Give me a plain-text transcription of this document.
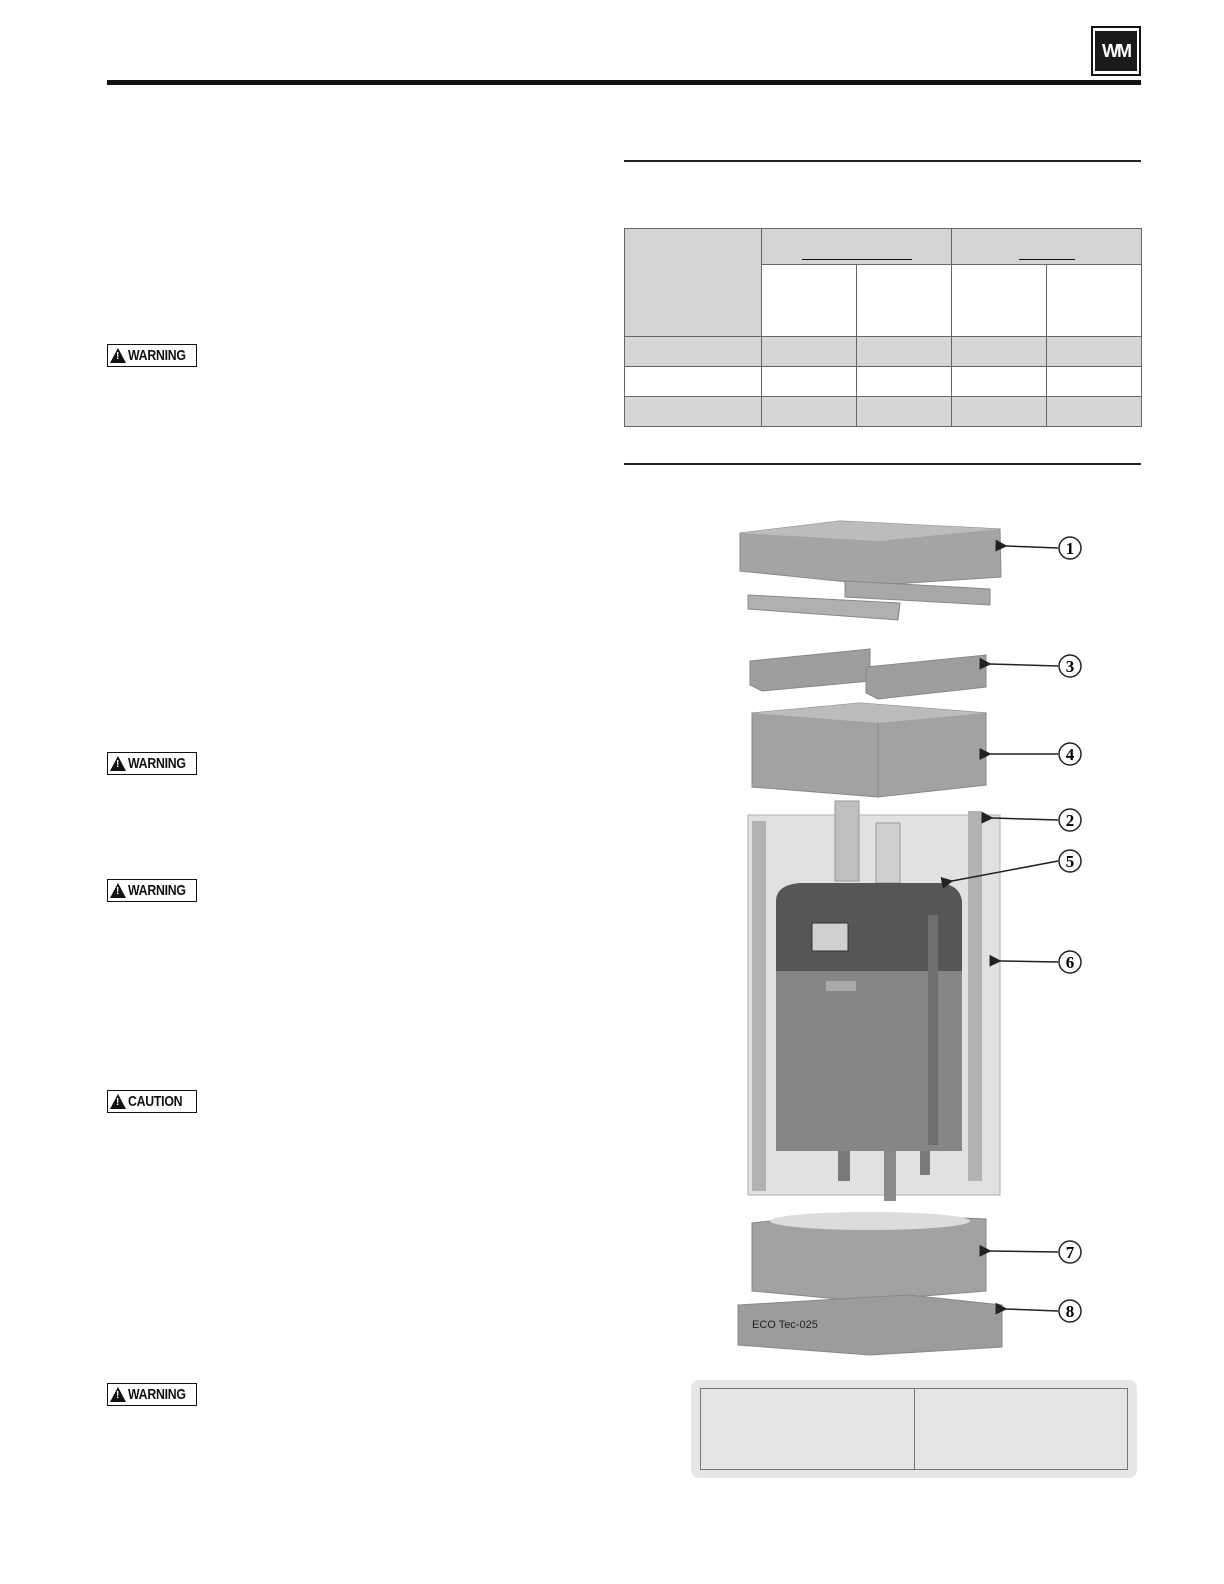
WM
!
WARNING
!
WARNING
!
WARNING
!
CAUTION
!
WARNING

ECO Tec-025
1
3
4
2
5
6
7
8
